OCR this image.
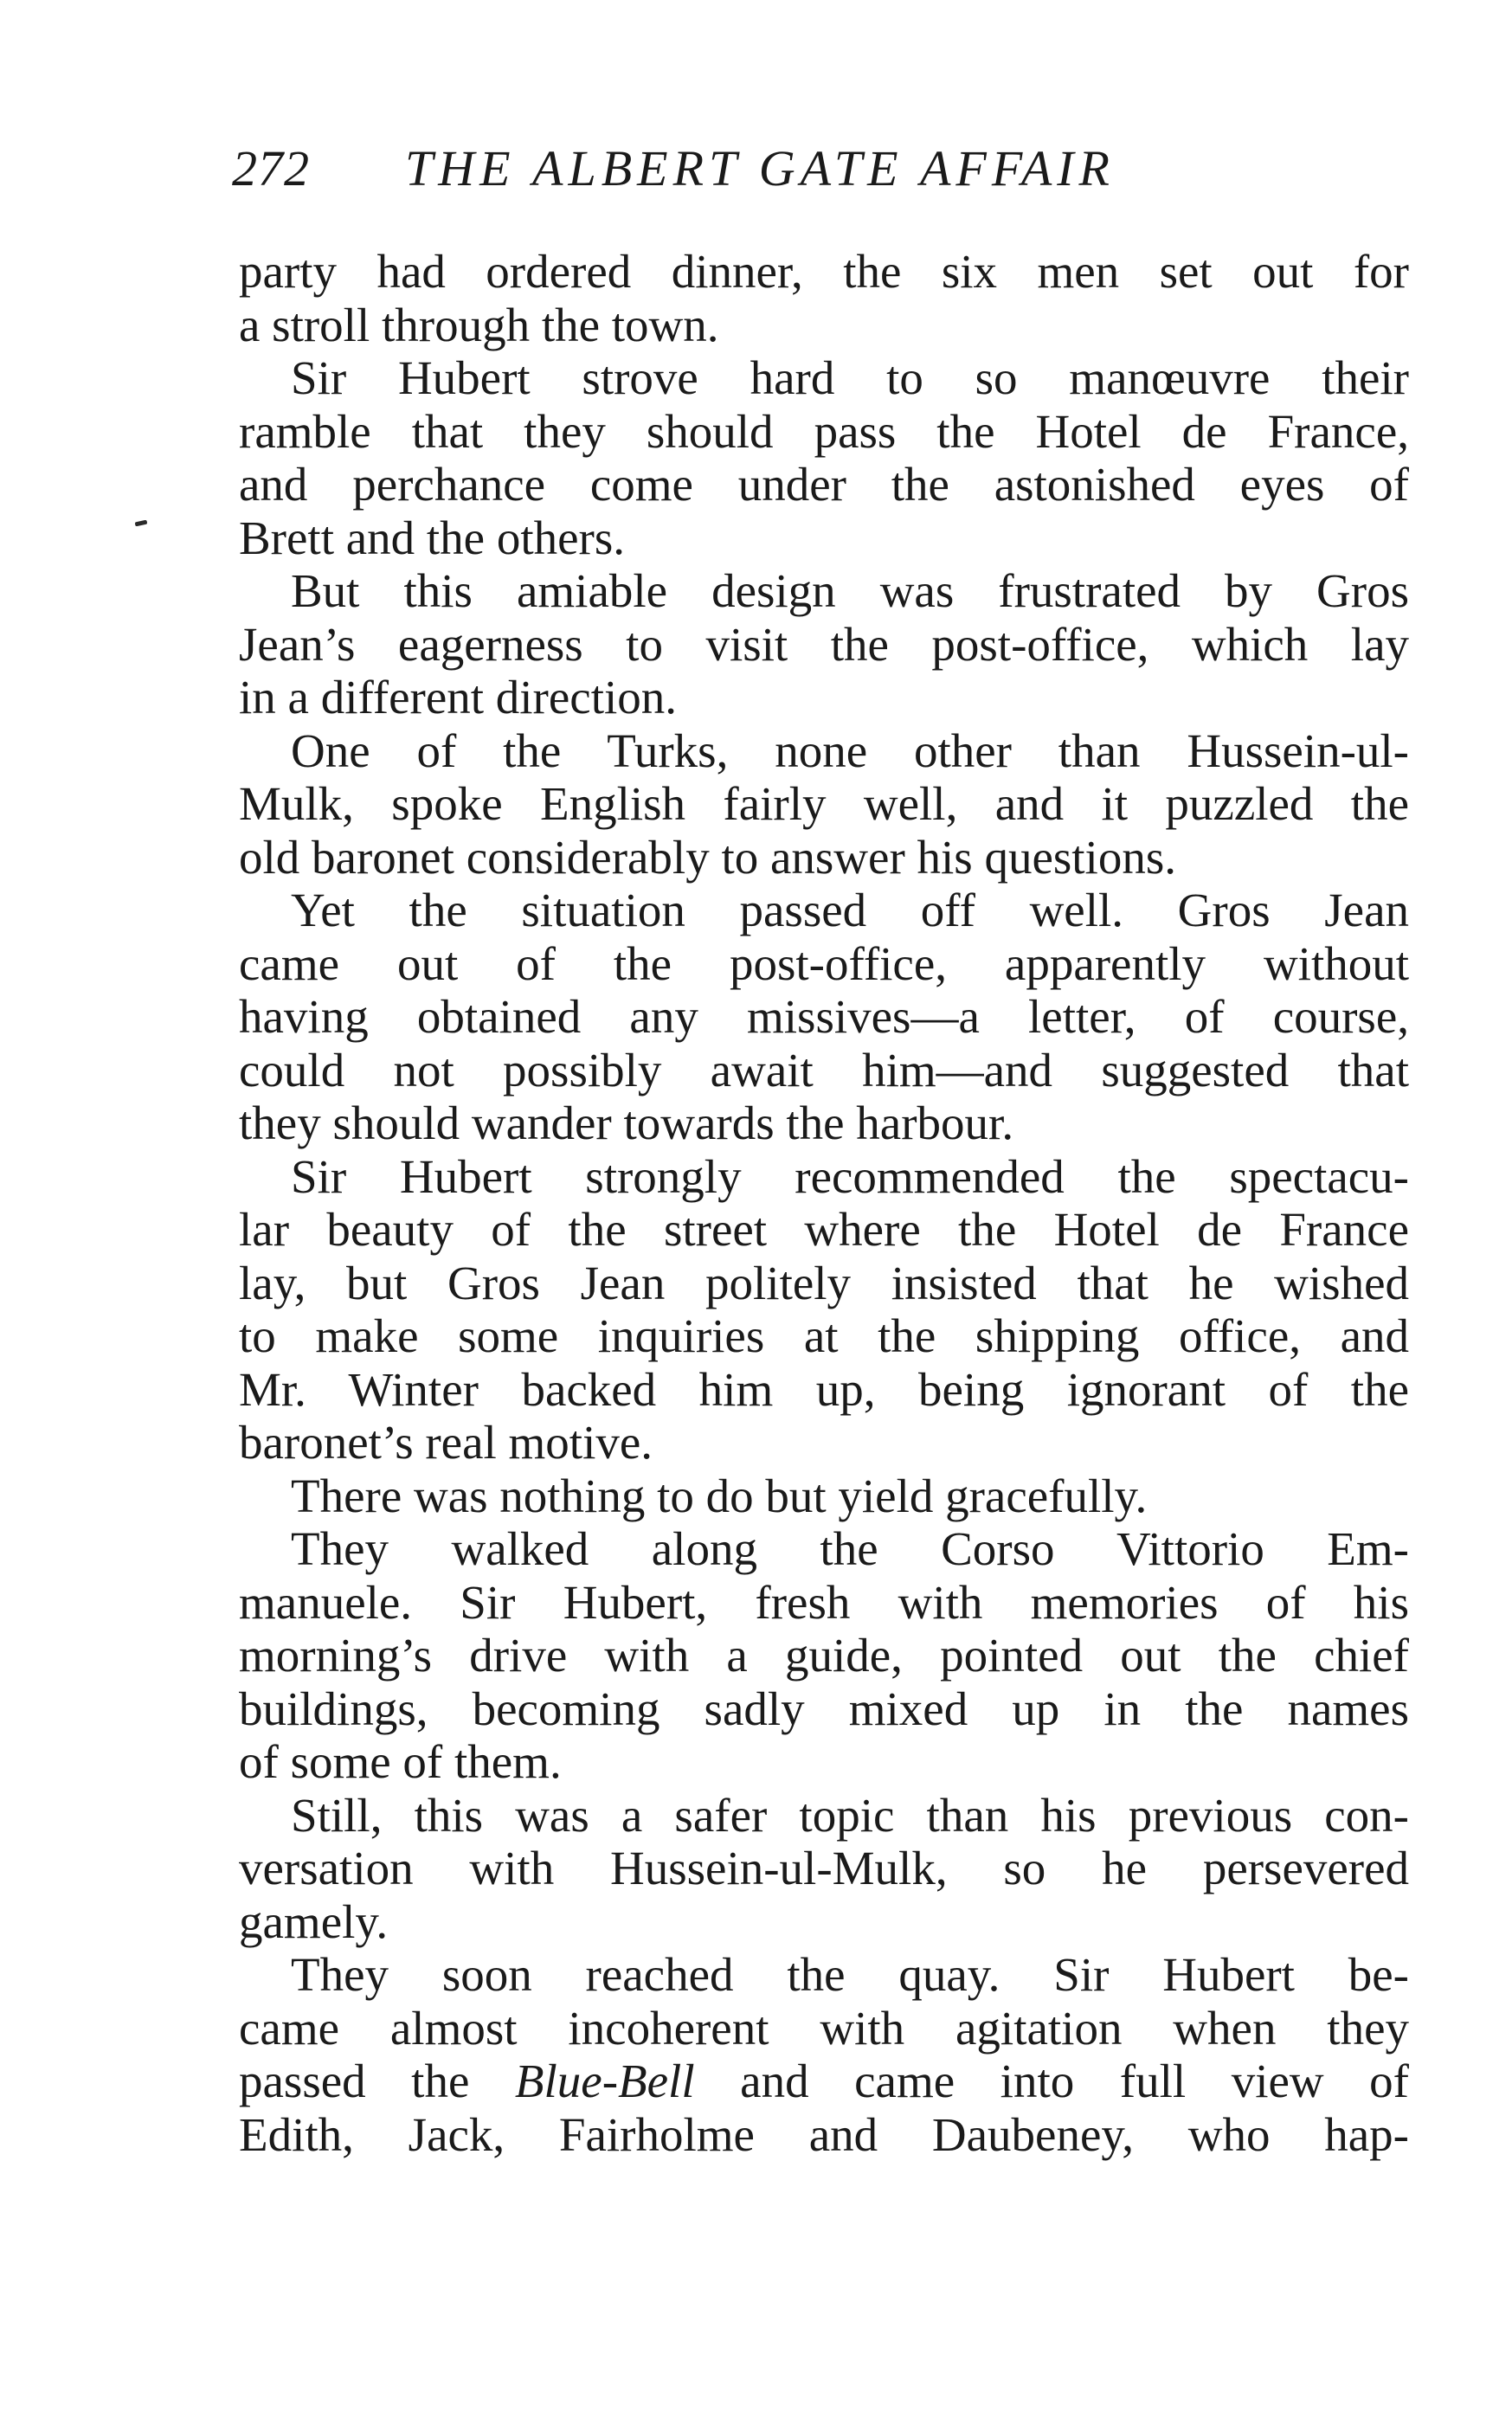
272 THE ALBERT GATE AFFAIR
party had ordered dinner, the six men set out for
a stroll through the town.
Sir Hubert strove hard to so manœuvre their
ramble that they should pass the Hotel de France,
and perchance come under the astonished eyes of
Brett and the others.
But this amiable design was frustrated by Gros
Jean’s eagerness to visit the post-office, which lay
in a different direction.
One of the Turks, none other than Hussein-ul-
Mulk, spoke English fairly well, and it puzzled the
old baronet considerably to answer his questions.
Yet the situation passed off well. Gros Jean
came out of the post-office, apparently without
having obtained any missives—a letter, of course,
could not possibly await him—and suggested that
they should wander towards the harbour.
Sir Hubert strongly recommended the spectacu-
lar beauty of the street where the Hotel de France
lay, but Gros Jean politely insisted that he wished
to make some inquiries at the shipping office, and
Mr. Winter backed him up, being ignorant of the
baronet’s real motive.
There was nothing to do but yield gracefully.
They walked along the Corso Vittorio Em-
manuele. Sir Hubert, fresh with memories of his
morning’s drive with a guide, pointed out the chief
buildings, becoming sadly mixed up in the names
of some of them.
Still, this was a safer topic than his previous con-
versation with Hussein-ul-Mulk, so he persevered
gamely.
They soon reached the quay. Sir Hubert be-
came almost incoherent with agitation when they
passed the Blue-Bell and came into full view of
Edith, Jack, Fairholme and Daubeney, who hap-
